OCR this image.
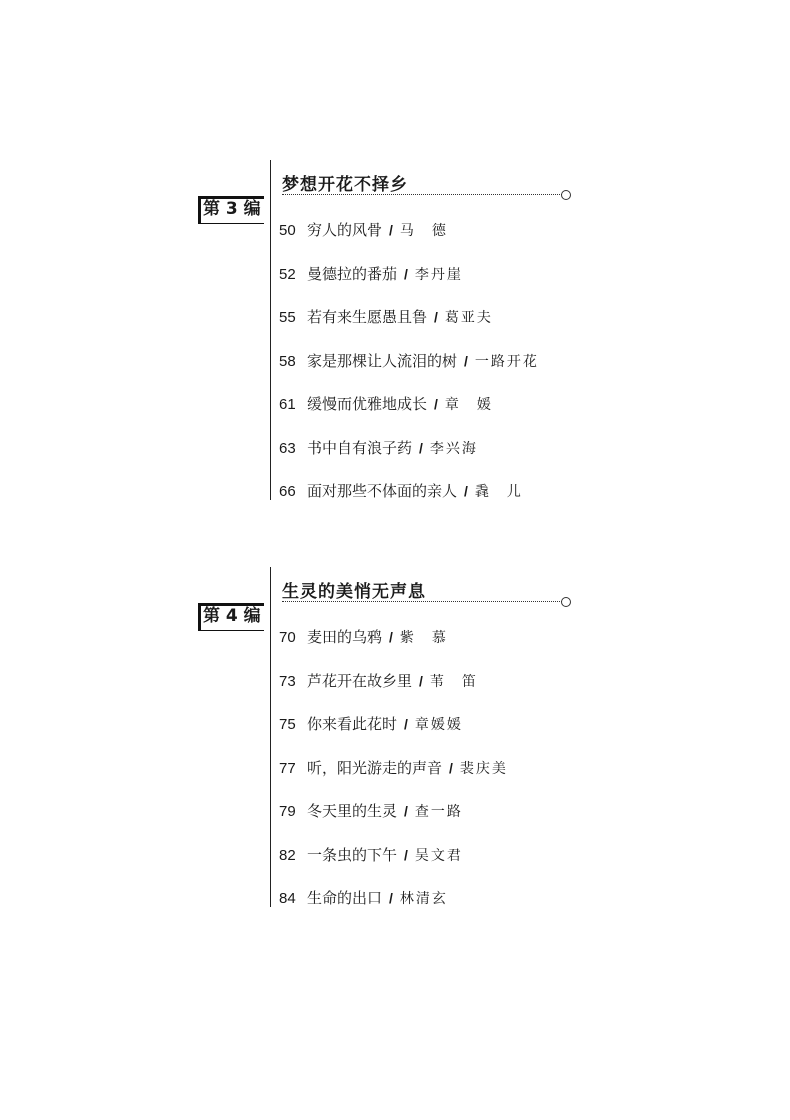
第 3 编
梦想开花不择乡
50 穷人的风骨 / 马　德
52 曼德拉的番茄 / 李丹崖
55 若有来生愿愚且鲁 / 葛亚夫
58 家是那棵让人流泪的树 / 一路开花
61 缓慢而优雅地成长 / 章　媛
63 书中自有浪子药 / 李兴海
66 面对那些不体面的亲人 / 毳　儿
第 4 编
生灵的美悄无声息
70 麦田的乌鸦 / 紫　慕
73 芦花开在故乡里 / 苇　笛
75 你来看此花时 / 章媛媛
77 听，阳光游走的声音 / 裴庆美
79 冬天里的生灵 / 查一路
82 一条虫的下午 / 吴文君
84 生命的出口 / 林清玄
